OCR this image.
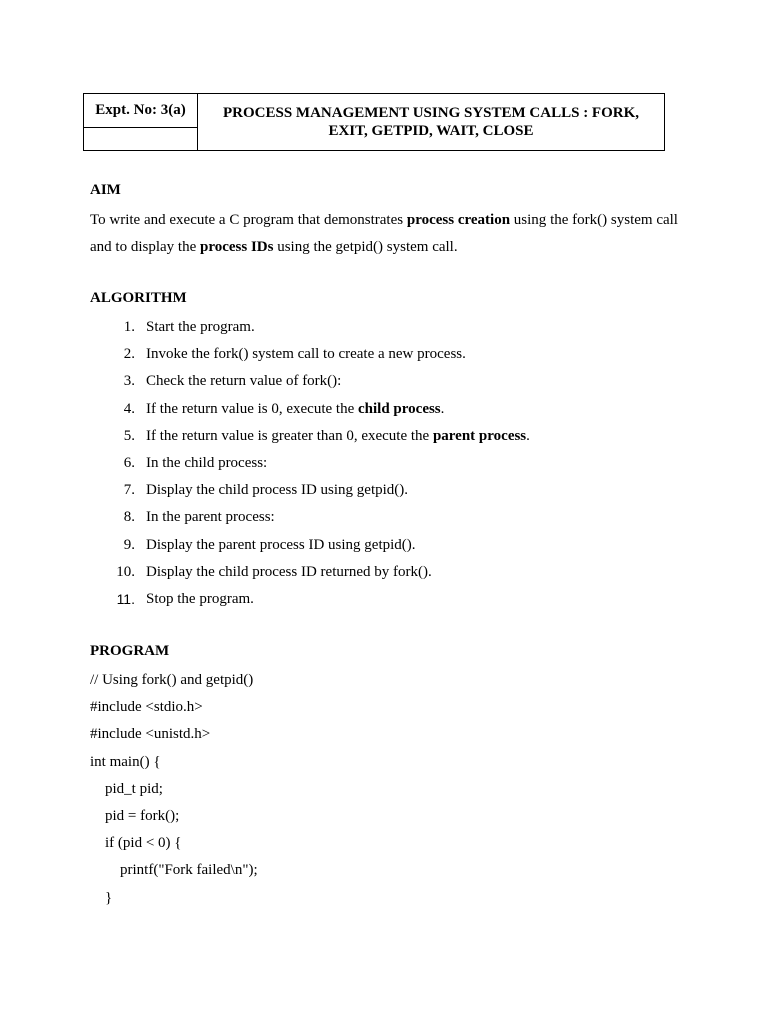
Expt. No: 3(a)	PROCESS MANAGEMENT USING SYSTEM CALLS : FORK,
EXIT, GETPID, WAIT, CLOSE
AIM
To write and execute a C program that demonstrates process creation using the fork() system call and to display the process IDs using the getpid() system call.
ALGORITHM
1. Start the program.
2. Invoke the fork() system call to create a new process.
3. Check the return value of fork():
4. If the return value is 0, execute the child process.
5. If the return value is greater than 0, execute the parent process.
6. In the child process:
7. Display the child process ID using getpid().
8. In the parent process:
9. Display the parent process ID using getpid().
10. Display the child process ID returned by fork().
11. Stop the program.
PROGRAM
// Using fork() and getpid()
#include <stdio.h>
#include <unistd.h>
int main() {
pid_t pid;
pid = fork();
if (pid < 0) {
printf("Fork failed\n");
}
